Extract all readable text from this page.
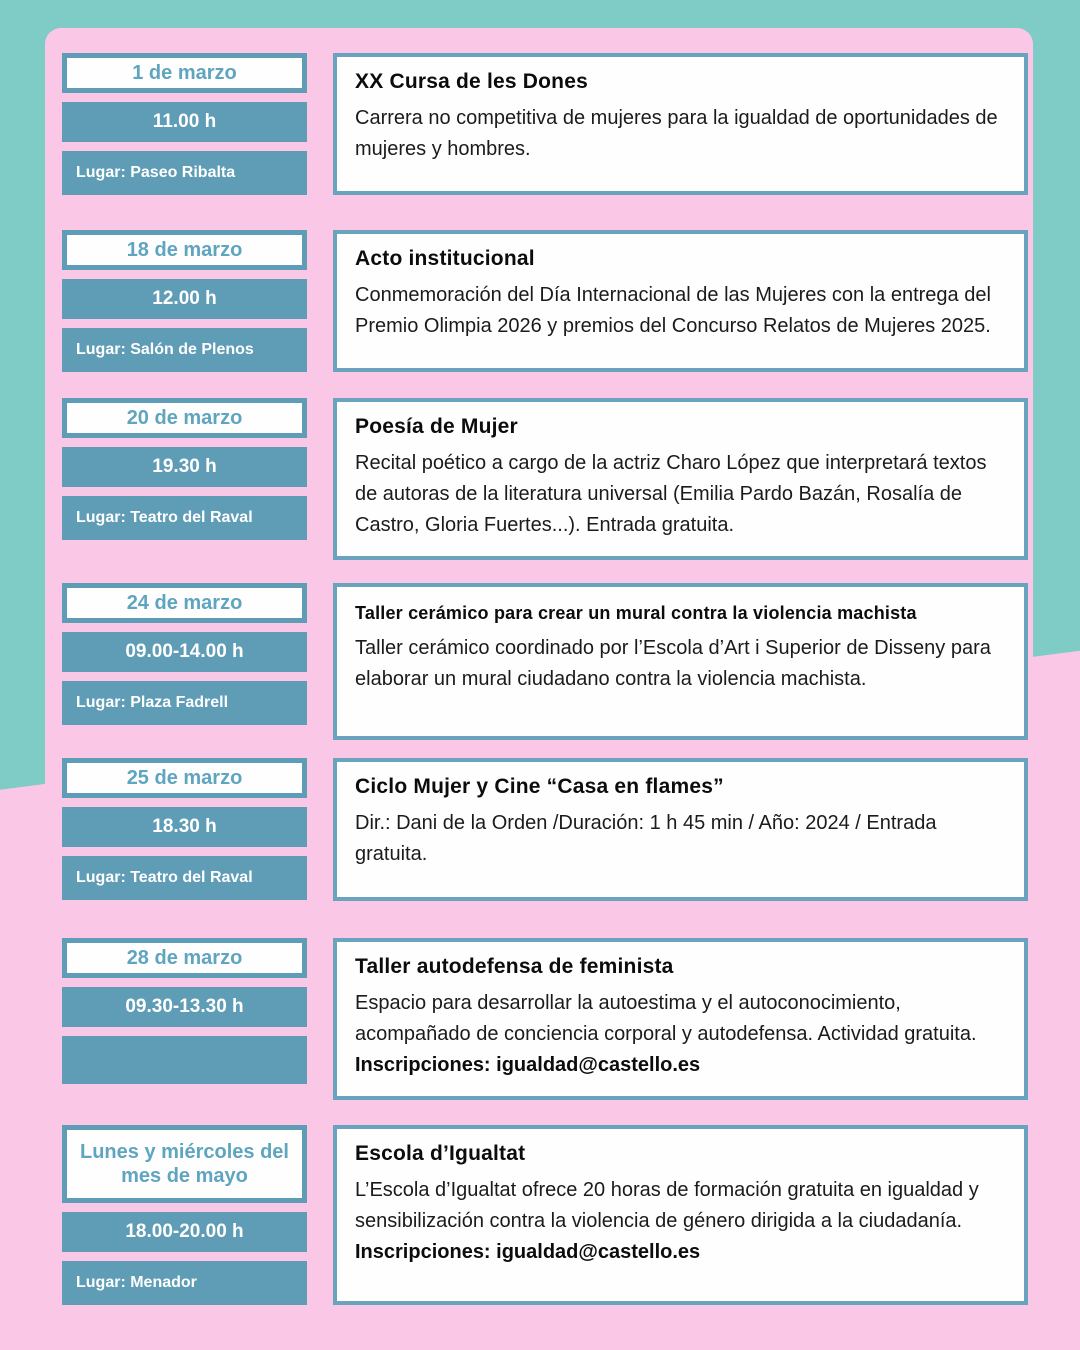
1 de marzo
11.00 h
Lugar: Paseo Ribalta
XX Cursa de les Dones
Carrera no competitiva de mujeres para la igualdad de oportunidades de mujeres y hombres.
18 de marzo
12.00 h
Lugar: Salón de Plenos
Acto institucional
Conmemoración del Día Internacional de las Mujeres con la entrega del Premio Olimpia 2026 y premios del Concurso Relatos de Mujeres 2025.
20 de marzo
19.30 h
Lugar: Teatro del Raval
Poesía de Mujer
Recital poético a cargo de la actriz Charo López que interpretará textos de autoras de la literatura universal (Emilia Pardo Bazán, Rosalía de Castro, Gloria Fuertes...). Entrada gratuita.
24 de marzo
09.00-14.00 h
Lugar: Plaza Fadrell
Taller cerámico para crear un mural contra la violencia machista
Taller cerámico coordinado por l’Escola d’Art i Superior de Disseny para elaborar un mural ciudadano contra la violencia machista.
25 de marzo
18.30 h
Lugar: Teatro del Raval
Ciclo Mujer y Cine “Casa en flames”
Dir.: Dani de la Orden /Duración: 1 h 45 min / Año: 2024 / Entrada gratuita.
28 de marzo
09.30-13.30 h
Taller autodefensa de feminista
Espacio para desarrollar la autoestima y el autoconocimiento, acompañado de conciencia corporal y autodefensa. Actividad gratuita. Inscripciones: igualdad@castello.es
Lunes y miércoles del mes de mayo
18.00-20.00 h
Lugar: Menador
Escola d’Igualtat
L’Escola d’Igualtat ofrece 20 horas de formación gratuita en igualdad y sensibilización contra la violencia de género dirigida a la ciudadanía. Inscripciones: igualdad@castello.es
